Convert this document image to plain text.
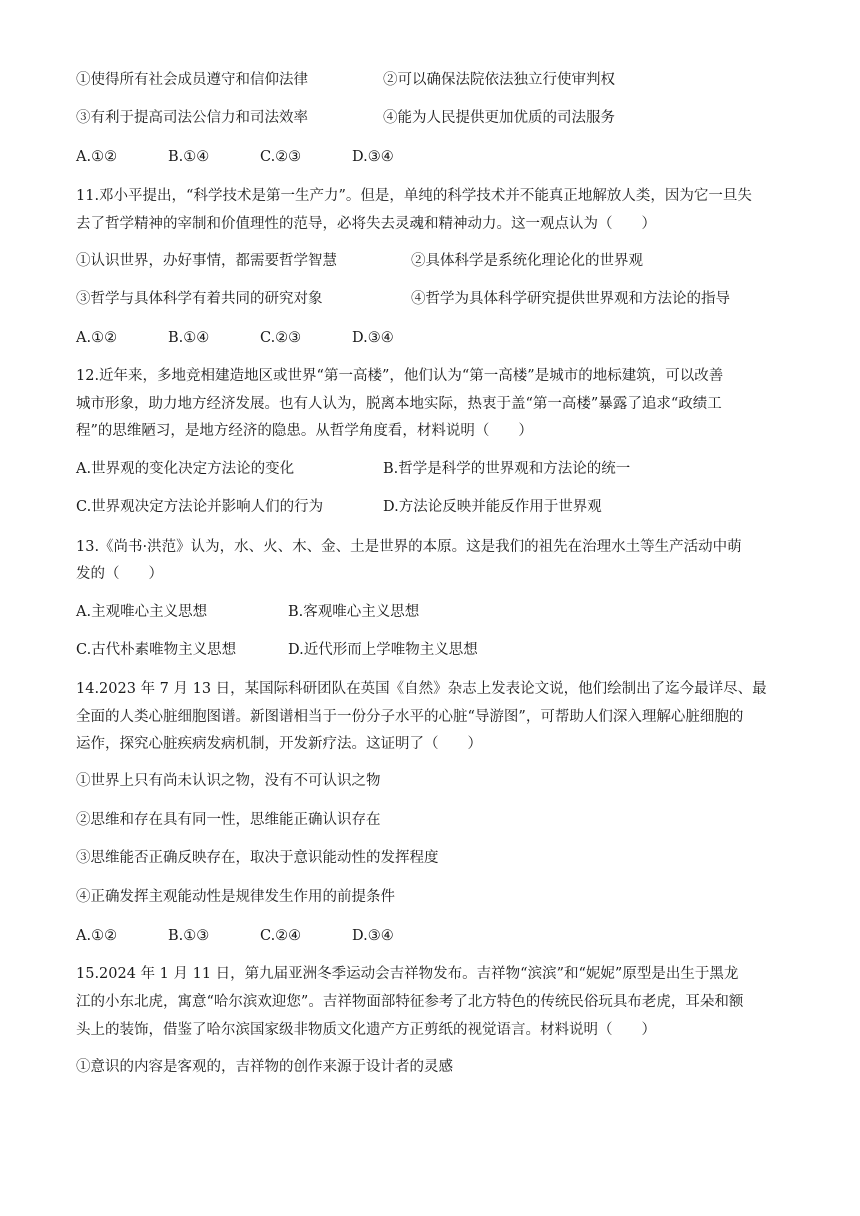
①使得所有社会成员遵守和信仰法律	②可以确保法院依法独立行使审判权
③有利于提高司法公信力和司法效率	④能为人民提供更加优质的司法服务
A.①②	B.①④	C.②③	D.③④
11.邓小平提出，“科学技术是第一生产力”。但是，单纯的科学技术并不能真正地解放人类，因为它一旦失
去了哲学精神的宰制和价值理性的范导，必将失去灵魂和精神动力。这一观点认为（　　）
①认识世界，办好事情，都需要哲学智慧	②具体科学是系统化理论化的世界观
③哲学与具体科学有着共同的研究对象	④哲学为具体科学研究提供世界观和方法论的指导
A.①②	B.①④	C.②③	D.③④
12.近年来，多地竞相建造地区或世界“第一高楼”，他们认为“第一高楼”是城市的地标建筑，可以改善
城市形象，助力地方经济发展。也有人认为，脱离本地实际，热衷于盖“第一高楼”暴露了追求“政绩工
程”的思维陋习，是地方经济的隐患。从哲学角度看，材料说明（　　）
A.世界观的变化决定方法论的变化	B.哲学是科学的世界观和方法论的统一
C.世界观决定方法论并影响人们的行为	D.方法论反映并能反作用于世界观
13.《尚书·洪范》认为，水、火、木、金、土是世界的本原。这是我们的祖先在治理水土等生产活动中萌
发的（　　）
A.主观唯心主义思想	B.客观唯心主义思想
C.古代朴素唯物主义思想	D.近代形而上学唯物主义思想
14.2023 年 7 月 13 日，某国际科研团队在英国《自然》杂志上发表论文说，他们绘制出了迄今最详尽、最
全面的人类心脏细胞图谱。新图谱相当于一份分子水平的心脏“导游图”，可帮助人们深入理解心脏细胞的
运作，探究心脏疾病发病机制，开发新疗法。这证明了（　　）
①世界上只有尚未认识之物，没有不可认识之物
②思维和存在具有同一性，思维能正确认识存在
③思维能否正确反映存在，取决于意识能动性的发挥程度
④正确发挥主观能动性是规律发生作用的前提条件
A.①②	B.①③	C.②④	D.③④
15.2024 年 1 月 11 日，第九届亚洲冬季运动会吉祥物发布。吉祥物“滨滨”和“妮妮”原型是出生于黑龙
江的小东北虎，寓意“哈尔滨欢迎您”。吉祥物面部特征参考了北方特色的传统民俗玩具布老虎，耳朵和额
头上的装饰，借鉴了哈尔滨国家级非物质文化遗产方正剪纸的视觉语言。材料说明（　　）
①意识的内容是客观的，吉祥物的创作来源于设计者的灵感
